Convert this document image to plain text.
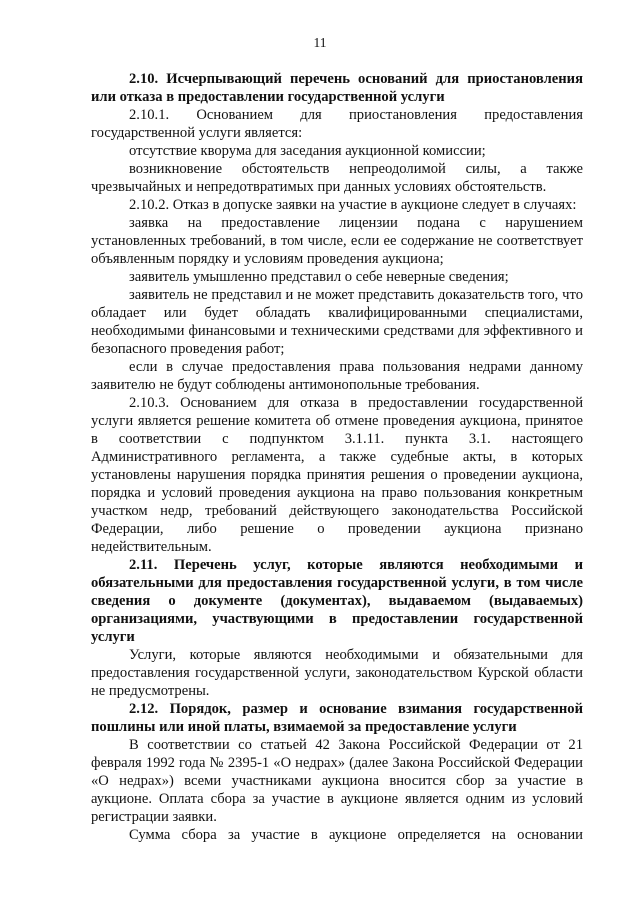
11

2.10. Исчерпывающий перечень оснований для приостановления или отказа в предоставлении государственной услуги

2.10.1. Основанием для приостановления предоставления государственной услуги является:

отсутствие кворума для заседания аукционной комиссии;

возникновение обстоятельств непреодолимой силы, а также чрезвычайных и непредотвратимых при данных условиях обстоятельств.

2.10.2. Отказ в допуске заявки на участие в аукционе следует в случаях:

заявка на предоставление лицензии подана с нарушением установленных требований, в том числе, если ее содержание не соответствует объявленным порядку и условиям проведения аукциона;

заявитель умышленно представил о себе неверные сведения;

заявитель не представил и не может представить доказательств того, что обладает или будет обладать квалифицированными специалистами, необходимыми финансовыми и техническими средствами для эффективного и безопасного проведения работ;

если в случае предоставления права пользования недрами данному заявителю не будут соблюдены антимонопольные требования.

2.10.3. Основанием для отказа в предоставлении государственной услуги является решение комитета об отмене проведения аукциона, принятое в соответствии с подпунктом 3.1.11. пункта 3.1. настоящего Административного регламента, а также судебные акты, в которых установлены нарушения порядка принятия решения о проведении аукциона, порядка и условий проведения аукциона на право пользования конкретным участком недр, требований действующего законодательства Российской Федерации, либо решение о проведении аукциона признано недействительным.

2.11. Перечень услуг, которые являются необходимыми и обязательными для предоставления государственной услуги, в том числе сведения о документе (документах), выдаваемом (выдаваемых) организациями, участвующими в предоставлении государственной услуги

Услуги, которые являются необходимыми и обязательными для предоставления государственной услуги, законодательством Курской области не предусмотрены.

2.12. Порядок, размер и основание взимания государственной пошлины или иной платы, взимаемой за предоставление услуги

В соответствии со статьей 42 Закона Российской Федерации от 21 февраля 1992 года № 2395-1 «О недрах» (далее Закона Российской Федерации «О недрах») всеми участниками аукциона вносится сбор за участие в аукционе. Оплата сбора за участие в аукционе является одним из условий регистрации заявки.

Сумма сбора за участие в аукционе определяется на основании
